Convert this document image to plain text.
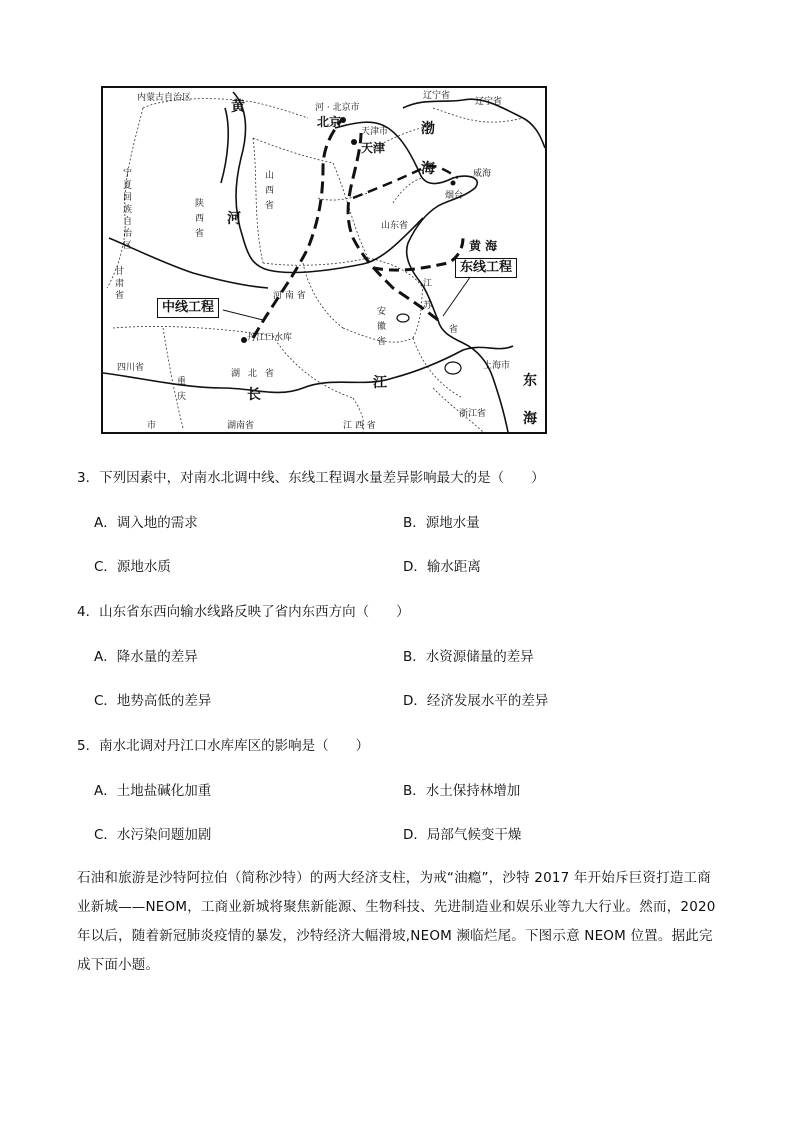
内蒙古自治区	辽宁省
辽宁省
河 · 北京市
北京
天津市
天津
渤
海	威海
烟台
黄
河
宁夏回族自治区	陕西省
山西省
山东省
黄 海
东线工程
甘肃省	河 南 省
江
苏
省
安徽省
中线工程
丹江口水库
四川省
重庆
湖北省
长
江
上海市
浙江省
东
海
湖南省	江 西 省
市
3．下列因素中，对南水北调中线、东线工程调水量差异影响最大的是（　　）
A．调入地的需求	B．源地水量
C．源地水质	D．输水距离
4．山东省东西向输水线路反映了省内东西方向（　　）
A．降水量的差异	B．水资源储量的差异
C．地势高低的差异	D．经济发展水平的差异
5．南水北调对丹江口水库库区的影响是（　　）
A．土地盐碱化加重	B．水土保持林增加
C．水污染问题加剧	D．局部气候变干燥
石油和旅游是沙特阿拉伯（简称沙特）的两大经济支柱，为戒“油瘾”，沙特 2017 年开始斥巨资打造工商业新城——NEOM，工商业新城将聚焦新能源、生物科技、先进制造业和娱乐业等九大行业。然而，2020 年以后，随着新冠肺炎疫情的暴发，沙特经济大幅滑坡,NEOM 濒临烂尾。下图示意 NEOM 位置。据此完成下面小题。
